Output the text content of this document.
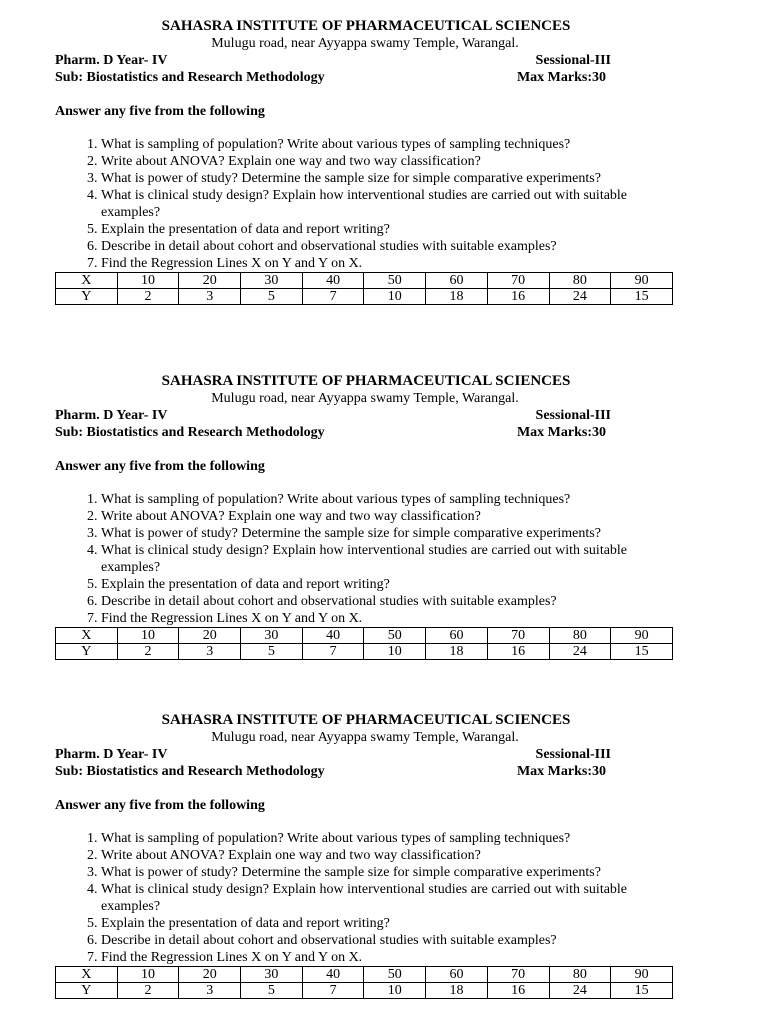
SAHASRA INSTITUTE OF PHARMACEUTICAL SCIENCES
Mulugu road, near Ayyappa swamy Temple, Warangal.
Pharm. D Year- IV	Sessional-III
Sub: Biostatistics and Research Methodology	Max Marks:30
Answer any five from the following
1. What is sampling of population? Write about various types of sampling techniques?
2. Write about ANOVA? Explain one way and two way classification?
3. What is power of study? Determine the sample size for simple comparative experiments?
4. What is clinical study design? Explain how interventional studies are carried out with suitable examples?
5. Explain the presentation of data and report writing?
6. Describe in detail about cohort and observational studies with suitable examples?
7. Find the Regression Lines X on Y and Y on X.
X	10	20	30	40	50	60	70	80	90
Y	2	3	5	7	10	18	16	24	15
SAHASRA INSTITUTE OF PHARMACEUTICAL SCIENCES
Mulugu road, near Ayyappa swamy Temple, Warangal.
Pharm. D Year- IV	Sessional-III
Sub: Biostatistics and Research Methodology	Max Marks:30
Answer any five from the following
1. What is sampling of population? Write about various types of sampling techniques?
2. Write about ANOVA? Explain one way and two way classification?
3. What is power of study? Determine the sample size for simple comparative experiments?
4. What is clinical study design? Explain how interventional studies are carried out with suitable examples?
5. Explain the presentation of data and report writing?
6. Describe in detail about cohort and observational studies with suitable examples?
7. Find the Regression Lines X on Y and Y on X.
X	10	20	30	40	50	60	70	80	90
Y	2	3	5	7	10	18	16	24	15
SAHASRA INSTITUTE OF PHARMACEUTICAL SCIENCES
Mulugu road, near Ayyappa swamy Temple, Warangal.
Pharm. D Year- IV	Sessional-III
Sub: Biostatistics and Research Methodology	Max Marks:30
Answer any five from the following
1. What is sampling of population? Write about various types of sampling techniques?
2. Write about ANOVA? Explain one way and two way classification?
3. What is power of study? Determine the sample size for simple comparative experiments?
4. What is clinical study design? Explain how interventional studies are carried out with suitable examples?
5. Explain the presentation of data and report writing?
6. Describe in detail about cohort and observational studies with suitable examples?
7. Find the Regression Lines X on Y and Y on X.
X	10	20	30	40	50	60	70	80	90
Y	2	3	5	7	10	18	16	24	15
